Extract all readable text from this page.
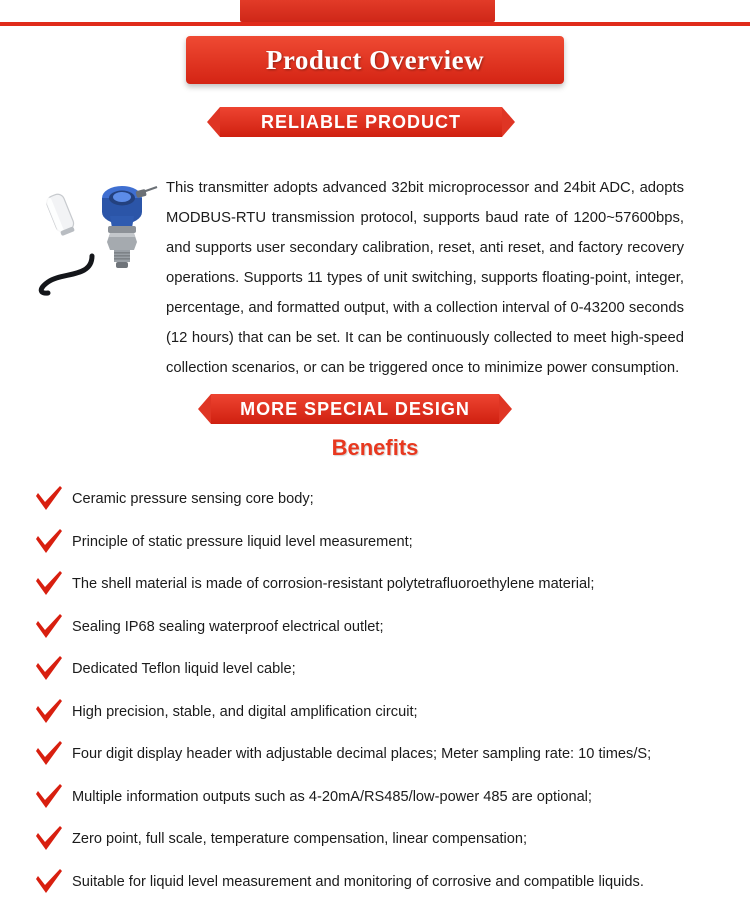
Product Overview
RELIABLE PRODUCT

This transmitter adopts advanced 32bit microprocessor and 24bit ADC, adopts MODBUS-RTU transmission protocol, supports baud rate of 1200~57600bps, and supports user secondary calibration, reset, anti reset, and factory recovery operations. Supports 11 types of unit switching, supports floating-point, integer, percentage, and formatted output, with a collection interval of 0-43200 seconds (12 hours) that can be set. It can be continuously collected to meet high-speed collection scenarios, or can be triggered once to minimize power consumption.

MORE SPECIAL DESIGN
Benefits
Ceramic pressure sensing core body;
Principle of static pressure liquid level measurement;
The shell material is made of corrosion-resistant polytetrafluoroethylene material;
Sealing IP68 sealing waterproof electrical outlet;
Dedicated Teflon liquid level cable;
High precision, stable, and digital amplification circuit;
Four digit display header with adjustable decimal places; Meter sampling rate: 10 times/S;
Multiple information outputs such as 4-20mA/RS485/low-power 485 are optional;
Zero point, full scale, temperature compensation, linear compensation;
Suitable for liquid level measurement and monitoring of corrosive and compatible liquids.
